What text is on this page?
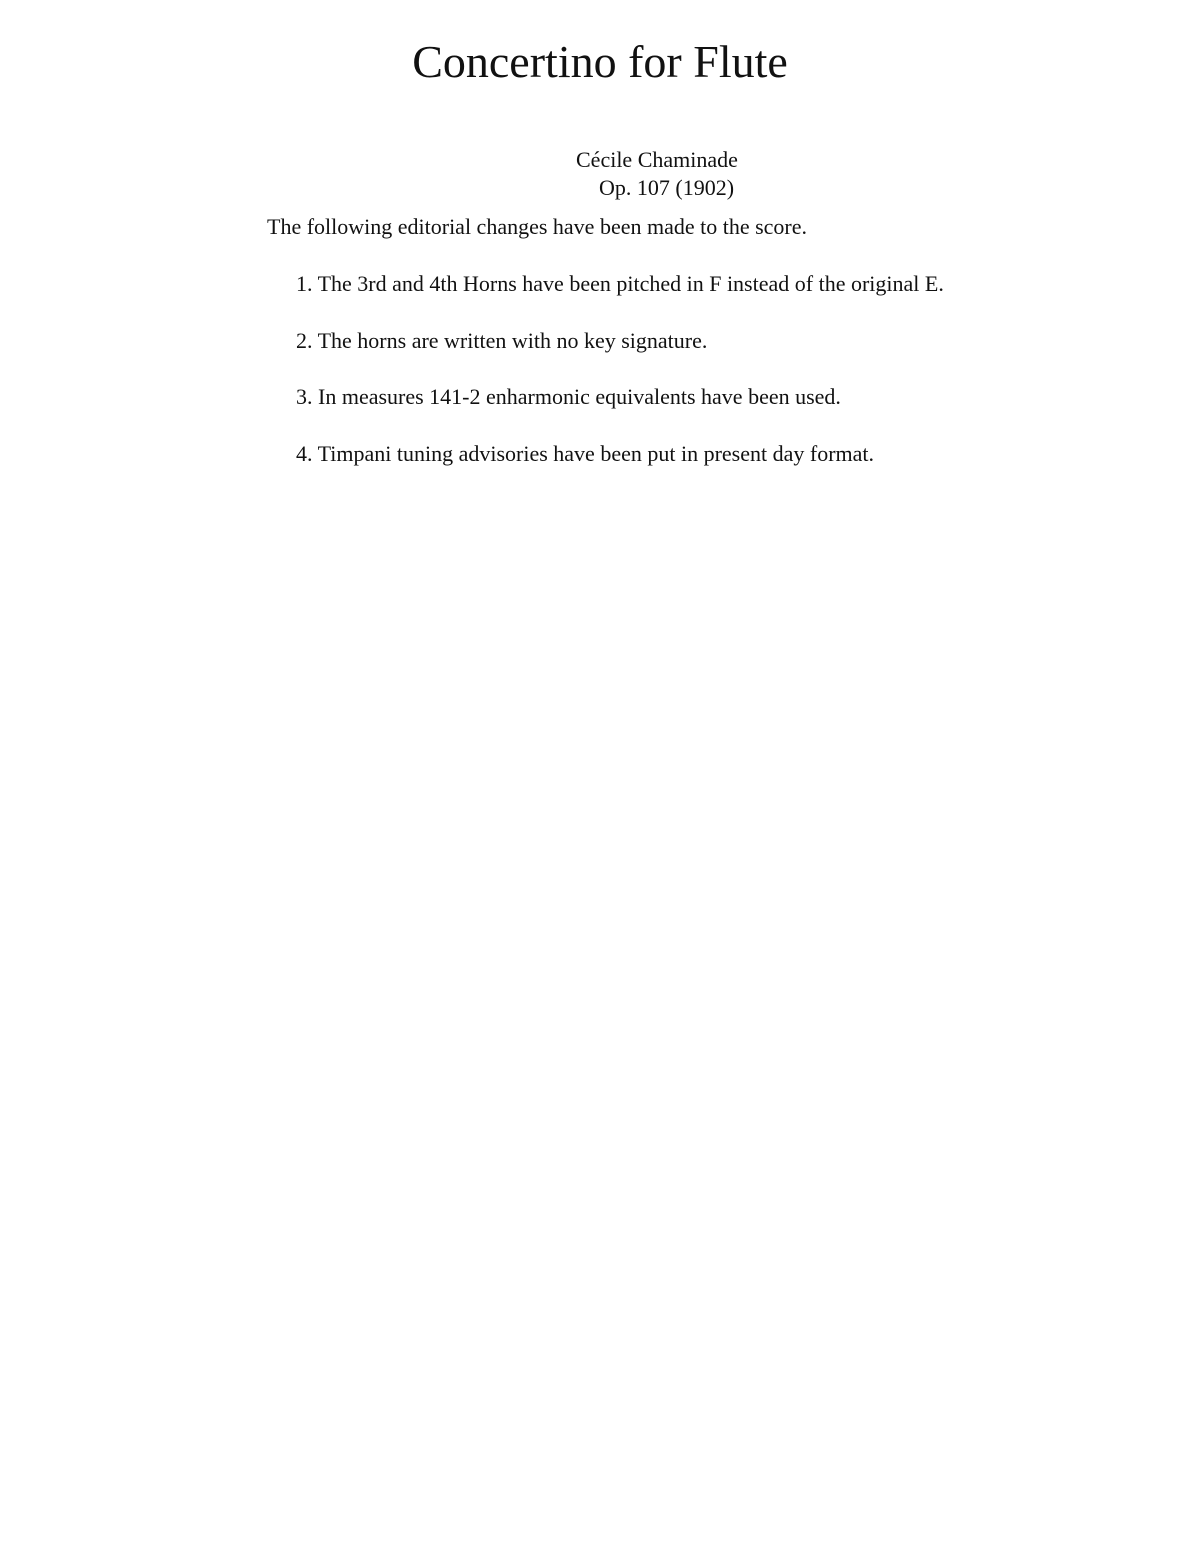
Concertino for Flute
Cécile Chaminade
Op. 107 (1902)
The following editorial changes have been made to the score.
1. The 3rd and 4th Horns have been pitched in F instead of the original E.
2. The horns are written with no key signature.
3. In measures 141-2 enharmonic equivalents have been used.
4. Timpani tuning advisories have been put in present day format.
